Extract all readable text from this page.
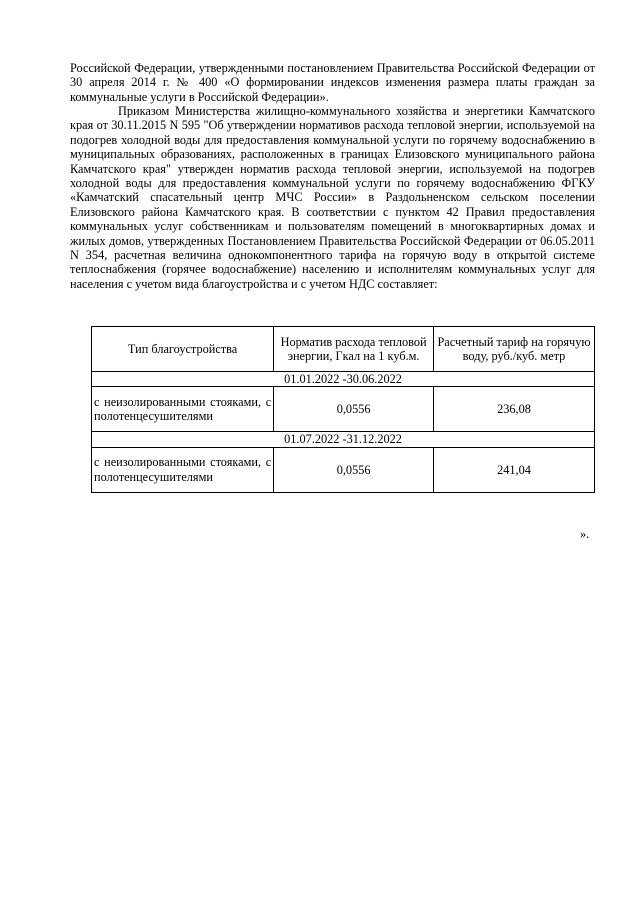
Российской Федерации, утвержденными постановлением Правительства Российской Федерации от 30 апреля 2014 г. № 400 «О формировании индексов изменения размера платы граждан за коммунальные услуги в Российской Федерации».
Приказом Министерства жилищно-коммунального хозяйства и энергетики Камчатского края от 30.11.2015 N 595 "Об утверждении нормативов расхода тепловой энергии, используемой на подогрев холодной воды для предоставления коммунальной услуги по горячему водоснабжению в муниципальных образованиях, расположенных в границах Елизовского муниципального района Камчатского края" утвержден норматив расхода тепловой энергии, используемой на подогрев холодной воды для предоставления коммунальной услуги по горячему водоснабжению ФГКУ «Камчатский спасательный центр МЧС России» в Раздольненском сельском поселении Елизовского района Камчатского края. В соответствии с пунктом 42 Правил предоставления коммунальных услуг собственникам и пользователям помещений в многоквартирных домах и жилых домов, утвержденных Постановлением Правительства Российской Федерации от 06.05.2011 N 354, расчетная величина однокомпонентного тарифа на горячую воду в открытой системе теплоснабжения (горячее водоснабжение) населению и исполнителям коммунальных услуг для населения с учетом вида благоустройства и с учетом НДС составляет:
Тип благоустройства	Норматив расхода тепловой энергии, Гкал на 1 куб.м.	Расчетный тариф на горячую воду, руб./куб. метр
01.01.2022 -30.06.2022		
с неизолированными стояками, с полотенцесушителями	0,0556	236,08
01.07.2022 -31.12.2022		
с неизолированными стояками, с полотенцесушителями	0,0556	241,04
».
